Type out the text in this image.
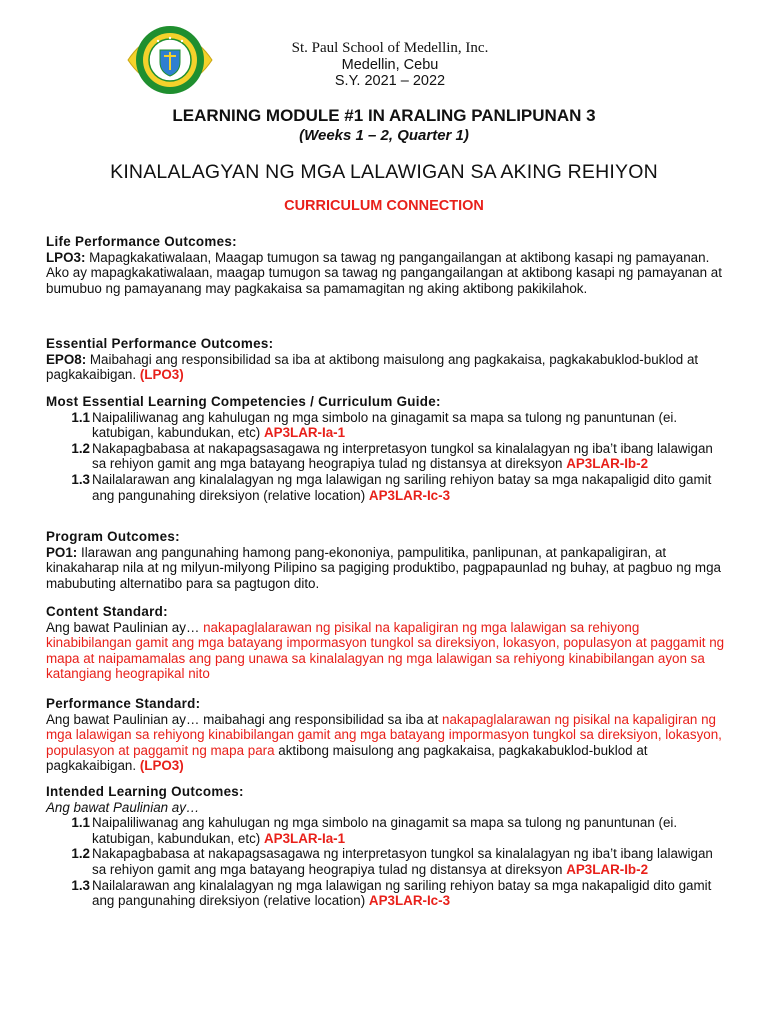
St. Paul School of Medellin, Inc.
Medellin, Cebu
S.Y. 2021 – 2022
LEARNING MODULE #1 IN ARALING PANLIPUNAN 3
(Weeks 1 – 2, Quarter 1)
KINALALAGYAN NG MGA LALAWIGAN SA AKING REHIYON
CURRICULUM CONNECTION
Life Performance Outcomes:

LPO3: Mapagkakatiwalaan, Maagap tumugon sa tawag ng pangangailangan at aktibong kasapi ng pamayanan. Ako ay mapagkakatiwalaan, maagap tumugon sa tawag ng pangangailangan at aktibong kasapi ng pamayanan at bumubuo ng pamayanang may pagkakaisa sa pamamagitan ng aking aktibong pakikilahok.

Essential Performance Outcomes:

EPO8: Maibahagi ang responsibilidad sa iba at aktibong maisulong ang pagkakaisa, pagkakabuklod-buklod at pagkakaibigan. (LPO3)

Most Essential Learning Competencies / Curriculum Guide:
1.1 Naipaliliwanag ang kahulugan ng mga simbolo na ginagamit sa mapa sa tulong ng panuntunan (ei. katubigan, kabundukan, etc) AP3LAR-Ia-1
1.2 Nakapagbabasa at nakapagsasagawa ng interpretasyon tungkol sa kinalalagyan ng iba’t ibang lalawigan sa rehiyon gamit ang mga batayang heograpiya tulad ng distansya at direksyon AP3LAR-Ib-2
1.3 Nailalarawan ang kinalalagyan ng mga lalawigan ng sariling rehiyon batay sa mga nakapaligid dito gamit ang pangunahing direksiyon (relative location) AP3LAR-Ic-3
Program Outcomes:

PO1: Ilarawan ang pangunahing hamong pang-ekononiya, pampulitika, panlipunan, at pankapaligiran, at kinakaharap nila at ng milyun-milyong Pilipino sa pagiging produktibo, pagpapaunlad ng buhay, at pagbuo ng mga mabubuting alternatibo para sa pagtugon dito.

Content Standard:

Ang bawat Paulinian ay… nakapaglalarawan ng pisikal na kapaligiran ng mga lalawigan sa rehiyong kinabibilangan gamit ang mga batayang impormasyon tungkol sa direksiyon, lokasyon, populasyon at paggamit ng mapa at naipamamalas ang pang unawa sa kinalalagyan ng mga lalawigan sa rehiyong kinabibilangan ayon sa katangiang heograpikal nito

Performance Standard:

Ang bawat Paulinian ay… maibahagi ang responsibilidad sa iba at nakapaglalarawan ng pisikal na kapaligiran ng mga lalawigan sa rehiyong kinabibilangan gamit ang mga batayang impormasyon tungkol sa direksiyon, lokasyon, populasyon at paggamit ng mapa para aktibong maisulong ang pagkakaisa, pagkakabuklod-buklod at pagkakaibigan. (LPO3)

Intended Learning Outcomes:
Ang bawat Paulinian ay…
1.1 Naipaliliwanag ang kahulugan ng mga simbolo na ginagamit sa mapa sa tulong ng panuntunan (ei. katubigan, kabundukan, etc) AP3LAR-Ia-1
1.2 Nakapagbabasa at nakapagsasagawa ng interpretasyon tungkol sa kinalalagyan ng iba’t ibang lalawigan sa rehiyon gamit ang mga batayang heograpiya tulad ng distansya at direksyon AP3LAR-Ib-2
1.3 Nailalarawan ang kinalalagyan ng mga lalawigan ng sariling rehiyon batay sa mga nakapaligid dito gamit ang pangunahing direksiyon (relative location) AP3LAR-Ic-3
